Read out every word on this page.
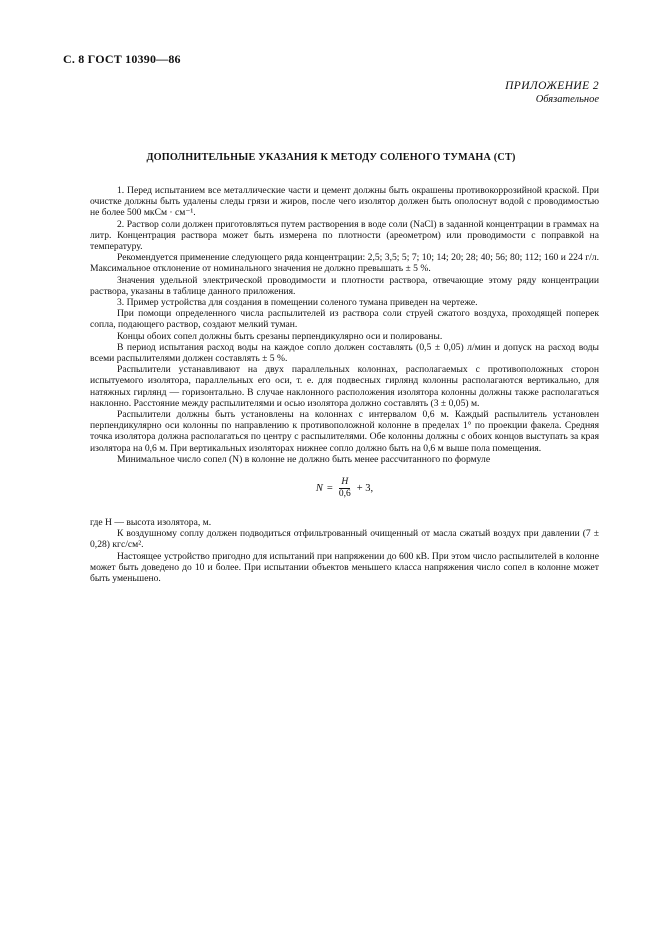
С. 8 ГОСТ 10390—86
ПРИЛОЖЕНИЕ 2
Обязательное
ДОПОЛНИТЕЛЬНЫЕ УКАЗАНИЯ К МЕТОДУ СОЛЕНОГО ТУМАНА (СТ)

1. Перед испытанием все металлические части и цемент должны быть окрашены противокоррозийной краской. При очистке должны быть удалены следы грязи и жиров, после чего изолятор должен быть ополоснут водой с проводимостью не более 500 мкСм · см⁻¹.

2. Раствор соли должен приготовляться путем растворения в воде соли (NaCl) в заданной концентрации в граммах на литр. Концентрация раствора может быть измерена по плотности (ареометром) или проводимости с поправкой на температуру.

Рекомендуется применение следующего ряда концентрации: 2,5; 3,5; 5; 7; 10; 14; 20; 28; 40; 56; 80; 112; 160 и 224 г/л. Максимальное отклонение от номинального значения не должно превышать ± 5 %.

Значения удельной электрической проводимости и плотности раствора, отвечающие этому ряду концентрации раствора, указаны в таблице данного приложения.

3. Пример устройства для создания в помещении соленого тумана приведен на чертеже.

При помощи определенного числа распылителей из раствора соли струей сжатого воздуха, проходящей поперек сопла, подающего раствор, создают мелкий туман.

Концы обоих сопел должны быть срезаны перпендикулярно оси и полированы.

В период испытания расход воды на каждое сопло должен составлять (0,5 ± 0,05) л/мин и допуск на расход воды всеми распылителями должен составлять ± 5 %.

Распылители устанавливают на двух параллельных колоннах, располагаемых с противоположных сторон испытуемого изолятора, параллельных его оси, т. е. для подвесных гирлянд колонны располагаются вертикально, для натяжных гирлянд — горизонтально. В случае наклонного расположения изолятора колонны должны также располагаться наклонно. Расстояние между распылителями и осью изолятора должно составлять (3 ± 0,05) м.

Распылители должны быть установлены на колоннах с интервалом 0,6 м. Каждый распылитель установлен перпендикулярно оси колонны по направлению к противоположной колонне в пределах 1° по проекции факела. Средняя точка изолятора должна располагаться по центру с распылителями. Обе колонны должны с обоих концов выступать за края изолятора на 0,6 м. При вертикальных изоляторах нижнее сопло должно быть на 0,6 м выше пола помещения.

Минимальное число сопел (N) в колонне не должно быть менее рассчитанного по формуле

$N = \frac{H}{0,6} + 3$,

где H — высота изолятора, м.

К воздушному соплу должен подводиться отфильтрованный очищенный от масла сжатый воздух при давлении (7 ± 0,28) кгс/см².

Настоящее устройство пригодно для испытаний при напряжении до 600 кВ. При этом число распылителей в колонне может быть доведено до 10 и более. При испытании объектов меньшего класса напряжения число сопел в колонне может быть уменьшено.
